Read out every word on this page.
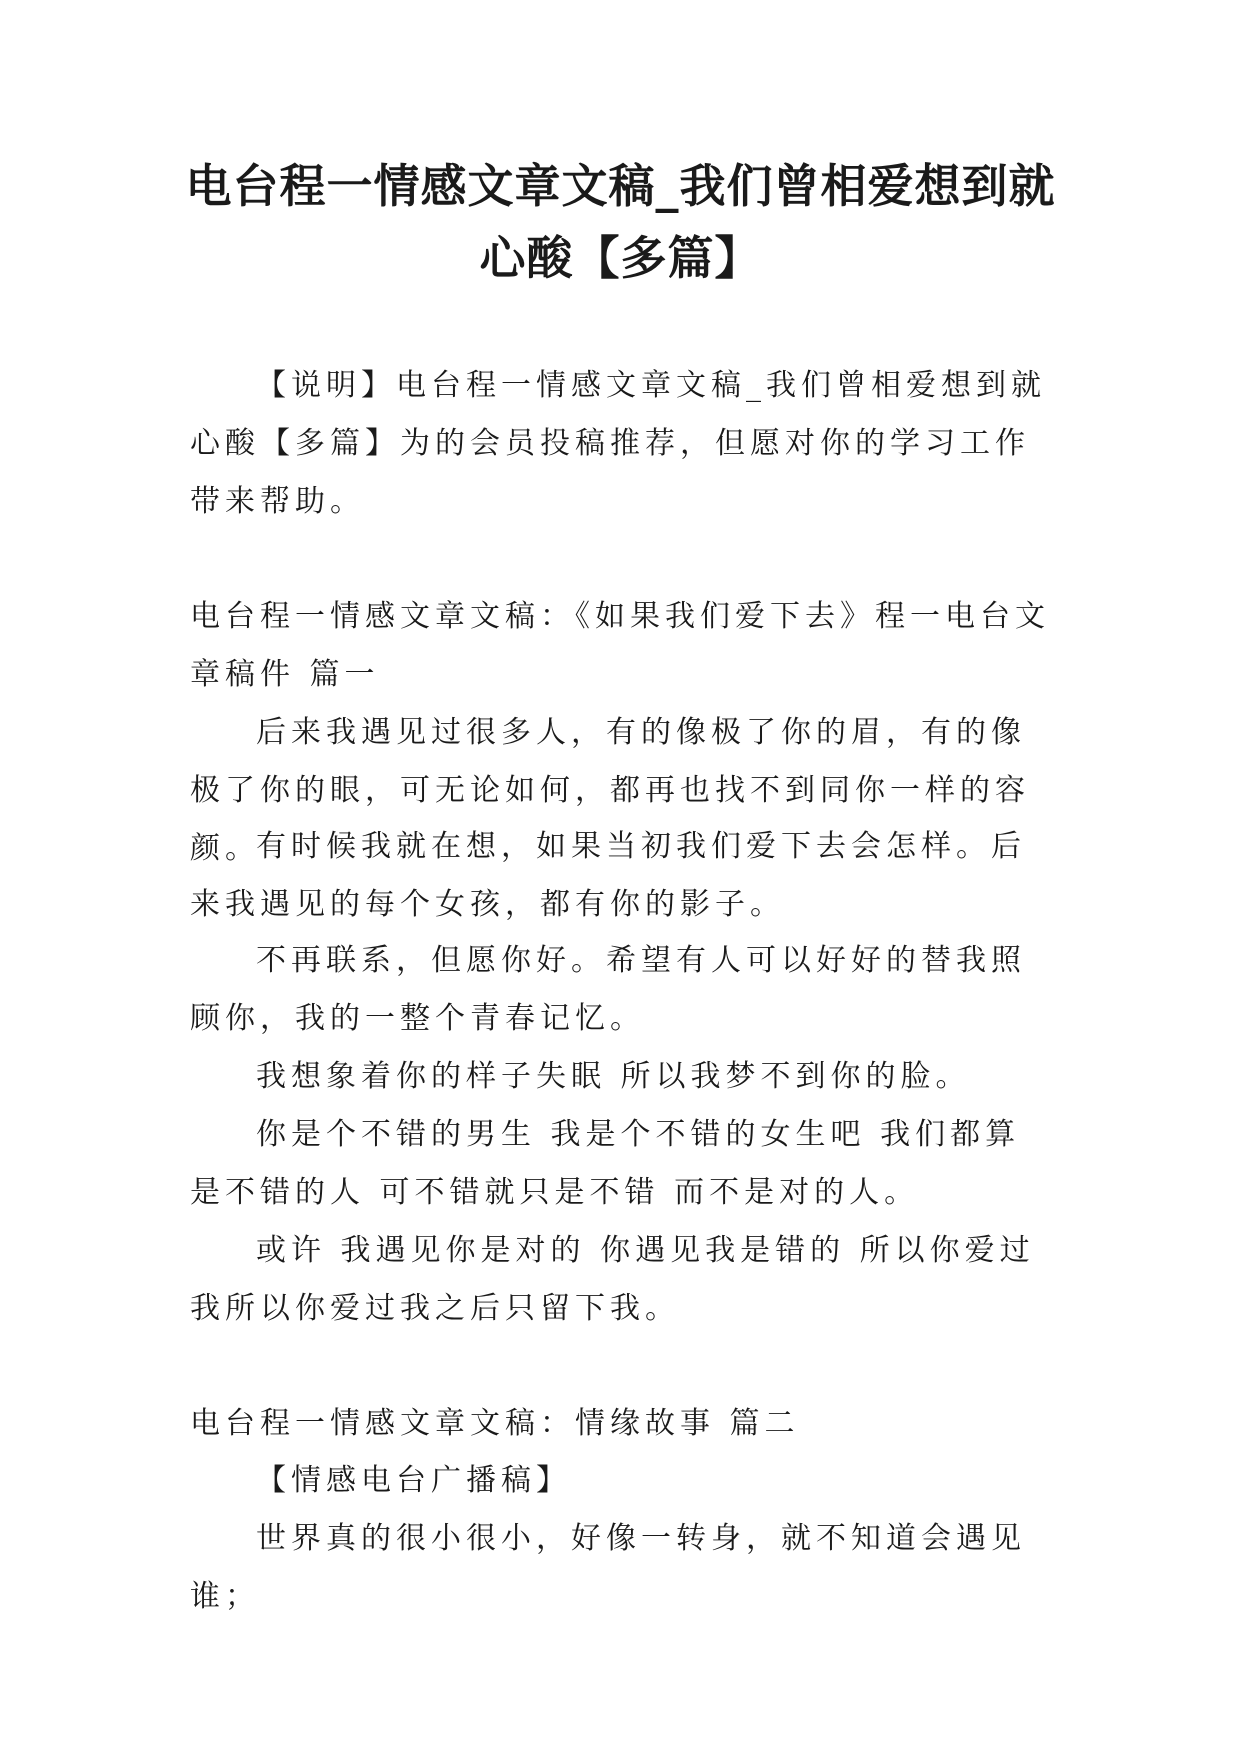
电台程一情感文章文稿_我们曾相爱想到就
心酸【多篇】

【说明】电台程一情感文章文稿_我们曾相爱想到就心酸【多篇】为的会员投稿推荐，但愿对你的学习工作带来帮助。

电台程一情感文章文稿：《如果我们爱下去》程一电台文章稿件 篇一

后来我遇见过很多人，有的像极了你的眉，有的像极了你的眼，可无论如何，都再也找不到同你一样的容颜。

有时候我就在想，如果当初我们爱下去会怎样。后来我遇见的每个女孩，都有你的影子。

不再联系，但愿你好。希望有人可以好好的替我照顾你，我的一整个青春记忆。

我想象着你的样子失眠 所以我梦不到你的脸。

你是个不错的男生 我是个不错的女生吧 我们都算是不错的人 可不错就只是不错 而不是对的人。

或许 我遇见你是对的 你遇见我是错的 所以你爱过我所以你爱过我之后只留下我。

电台程一情感文章文稿：情缘故事 篇二

【情感电台广播稿】

世界真的很小很小，好像一转身，就不知道会遇见谁；
